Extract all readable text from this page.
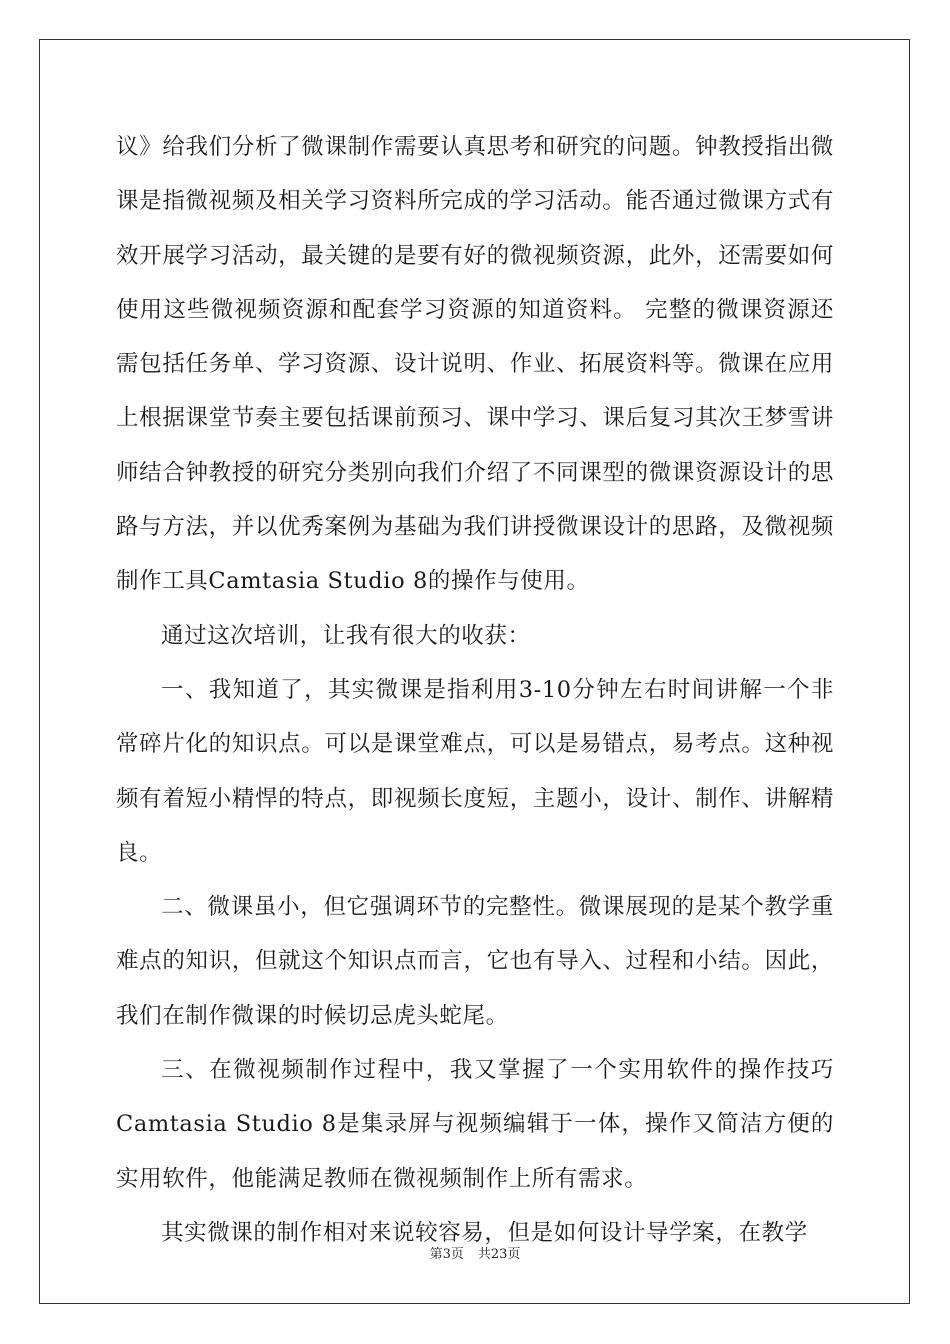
议》给我们分析了微课制作需要认真思考和研究的问题。钟教授指出微课是指微视频及相关学习资料所完成的学习活动。能否通过微课方式有效开展学习活动，最关键的是要有好的微视频资源，此外，还需要如何使用这些微视频资源和配套学习资源的知道资料。 完整的微课资源还需包括任务单、学习资源、设计说明、作业、拓展资料等。微课在应用上根据课堂节奏主要包括课前预习、课中学习、课后复习其次王梦雪讲师结合钟教授的研究分类别向我们介绍了不同课型的微课资源设计的思路与方法，并以优秀案例为基础为我们讲授微课设计的思路，及微视频制作工具Camtasia Studio 8的操作与使用。

通过这次培训，让我有很大的收获：

一、我知道了，其实微课是指利用3-10分钟左右时间讲解一个非常碎片化的知识点。可以是课堂难点，可以是易错点，易考点。这种视频有着短小精悍的特点，即视频长度短，主题小，设计、制作、讲解精良。

二、微课虽小，但它强调环节的完整性。微课展现的是某个教学重难点的知识，但就这个知识点而言，它也有导入、过程和小结。因此，我们在制作微课的时候切忌虎头蛇尾。

三、在微视频制作过程中，我又掌握了一个实用软件的操作技巧Camtasia Studio 8是集录屏与视频编辑于一体，操作又简洁方便的实用软件，他能满足教师在微视频制作上所有需求。

其实微课的制作相对来说较容易，但是如何设计导学案，在教学

第3页 共23页
